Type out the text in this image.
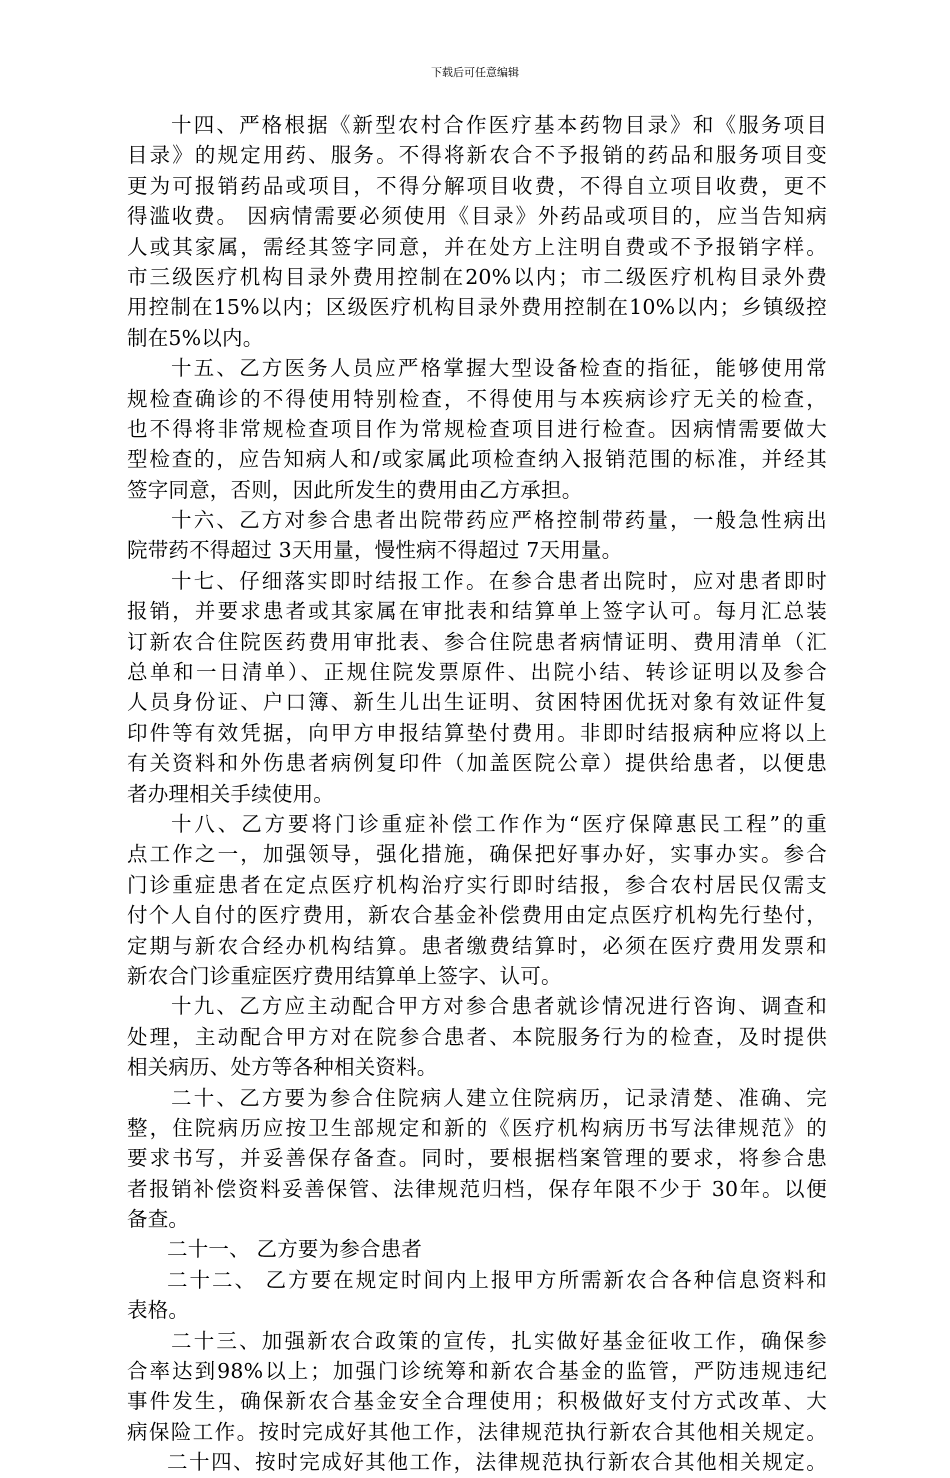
下载后可任意编辑
十四、严格根据《新型农村合作医疗基本药物目录》和《服务项目
目录》的规定用药、服务。不得将新农合不予报销的药品和服务项目变
更为可报销药品或项目，不得分解项目收费，不得自立项目收费，更不
得滥收费。 因病情需要必须使用《目录》外药品或项目的，应当告知病
人或其家属，需经其签字同意，并在处方上注明自费或不予报销字样。
市三级医疗机构目录外费用控制在20%以内；市二级医疗机构目录外费
用控制在15%以内；区级医疗机构目录外费用控制在10%以内；乡镇级控
制在5%以内。
十五、乙方医务人员应严格掌握大型设备检查的指征，能够使用常
规检查确诊的不得使用特别检查，不得使用与本疾病诊疗无关的检查，
也不得将非常规检查项目作为常规检查项目进行检查。因病情需要做大
型检查的，应告知病人和/或家属此项检查纳入报销范围的标准，并经其
签字同意，否则，因此所发生的费用由乙方承担。
十六、乙方对参合患者出院带药应严格控制带药量，一般急性病出
院带药不得超过 3天用量，慢性病不得超过 7天用量。
十七、仔细落实即时结报工作。在参合患者出院时，应对患者即时
报销，并要求患者或其家属在审批表和结算单上签字认可。每月汇总装
订新农合住院医药费用审批表、参合住院患者病情证明、费用清单（汇
总单和一日清单）、正规住院发票原件、出院小结、转诊证明以及参合
人员身份证、户口簿、新生儿出生证明、贫困特困优抚对象有效证件复
印件等有效凭据，向甲方申报结算垫付费用。非即时结报病种应将以上
有关资料和外伤患者病例复印件（加盖医院公章）提供给患者，以便患
者办理相关手续使用。
十八、乙方要将门诊重症补偿工作作为“医疗保障惠民工程”的重
点工作之一，加强领导，强化措施，确保把好事办好，实事办实。参合
门诊重症患者在定点医疗机构治疗实行即时结报，参合农村居民仅需支
付个人自付的医疗费用，新农合基金补偿费用由定点医疗机构先行垫付，
定期与新农合经办机构结算。患者缴费结算时，必须在医疗费用发票和
新农合门诊重症医疗费用结算单上签字、认可。
十九、乙方应主动配合甲方对参合患者就诊情况进行咨询、调查和
处理，主动配合甲方对在院参合患者、本院服务行为的检查，及时提供
相关病历、处方等各种相关资料。
二十、乙方要为参合住院病人建立住院病历，记录清楚、准确、完
整，住院病历应按卫生部规定和新的《医疗机构病历书写法律规范》的
要求书写，并妥善保存备查。同时，要根据档案管理的要求，将参合患
者报销补偿资料妥善保管、法律规范归档，保存年限不少于 30年。以便
备查。
二十一、 乙方要为参合患者
二十二、 乙方要在规定时间内上报甲方所需新农合各种信息资料和
表格。
二十三、加强新农合政策的宣传，扎实做好基金征收工作，确保参
合率达到98%以上；加强门诊统筹和新农合基金的监管，严防违规违纪
事件发生，确保新农合基金安全合理使用；积极做好支付方式改革、大
病保险工作。按时完成好其他工作，法律规范执行新农合其他相关规定。
二十四、按时完成好其他工作，法律规范执行新农合其他相关规定。
